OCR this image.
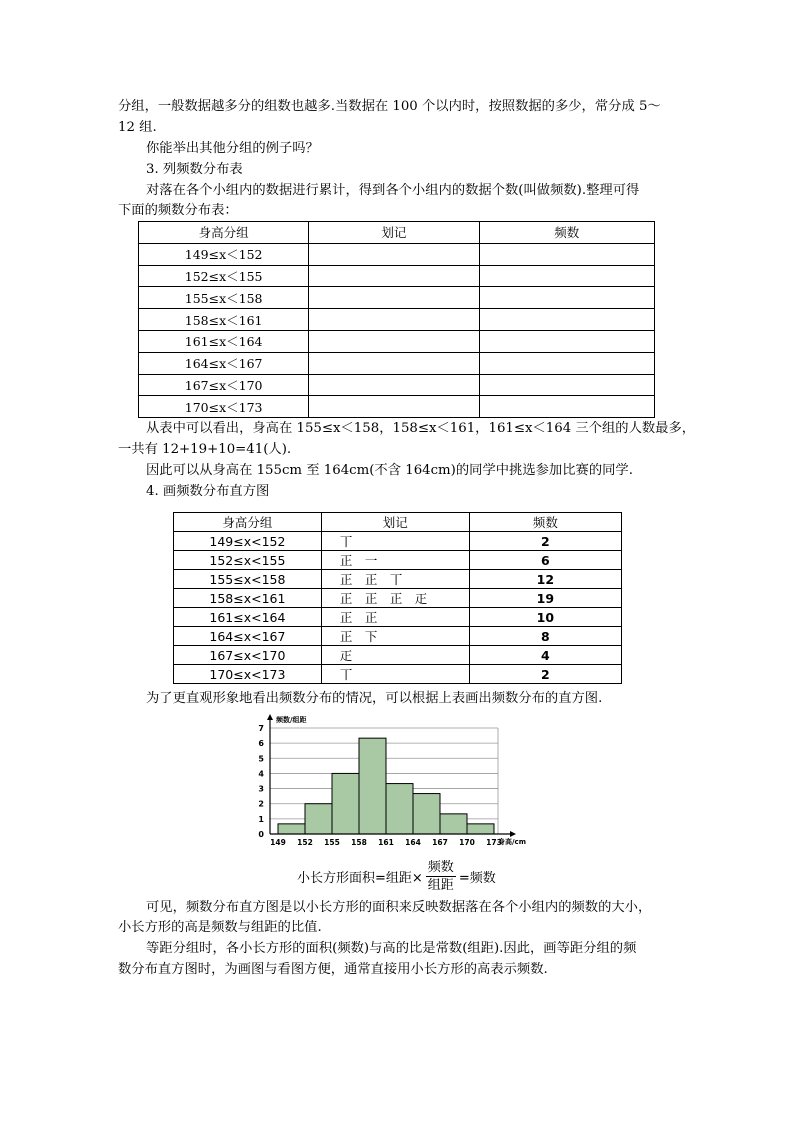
分组，一般数据越多分的组数也越多.当数据在 100 个以内时，按照数据的多少，常分成 5～
12 组.
你能举出其他分组的例子吗？
3. 列频数分布表
对落在各个小组内的数据进行累计，得到各个小组内的数据个数(叫做频数).整理可得
下面的频数分布表：
身高分组	划记	频数
149≤x＜152		
152≤x＜155		
155≤x＜158		
158≤x＜161		
161≤x＜164		
164≤x＜167		
167≤x＜170		
170≤x＜173		
从表中可以看出，身高在 155≤x＜158，158≤x＜161，161≤x＜164 三个组的人数最多，
一共有 12+19+10=41(人).
因此可以从身高在 155cm 至 164cm(不含 164cm)的同学中挑选参加比赛的同学.
4. 画频数分布直方图
身高分组	划记	频数
149≤x<152	丅	2
152≤x<155	正　一	6
155≤x<158	正　正　丅	12
158≤x<161	正　正　正　𤴓	19
161≤x<164	正　正	10
164≤x<167	正　下	8
167≤x<170	𤴓	4
170≤x<173	丅	2
为了更直观形象地看出频数分布的情况，可以根据上表画出频数分布的直方图.
0
1
2
3
4
5
6
7
149 152 155 158 161 164 167 170 173
频数/组距
身高/cm
小长方形面积=组距× $\frac{\text{频数}}{\text{组距}}$ =频数
可见，频数分布直方图是以小长方形的面积来反映数据落在各个小组内的频数的大小，
小长方形的高是频数与组距的比值.
等距分组时，各小长方形的面积(频数)与高的比是常数(组距).因此，画等距分组的频
数分布直方图时，为画图与看图方便，通常直接用小长方形的高表示频数.
